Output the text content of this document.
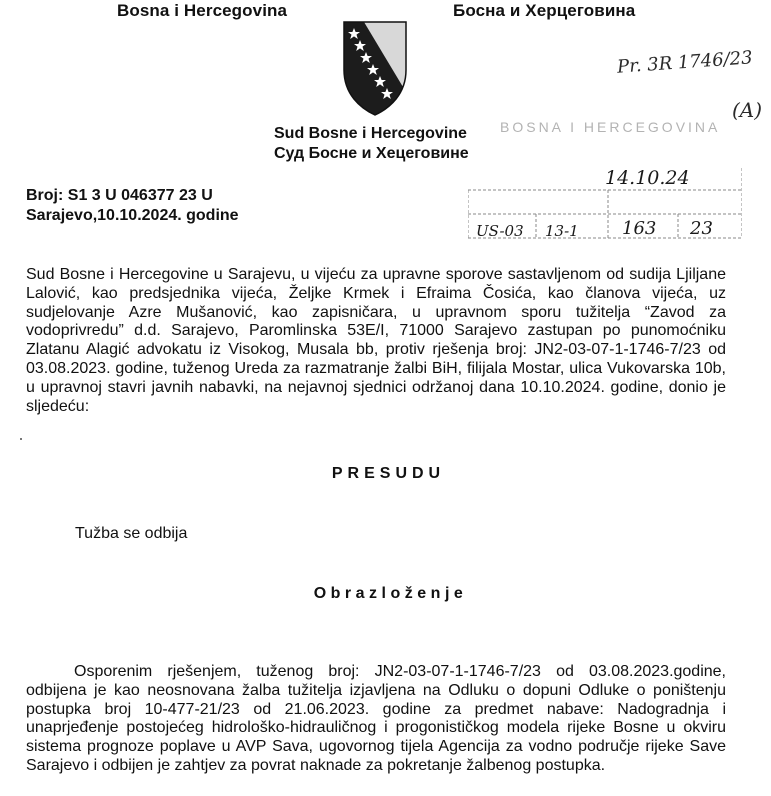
Bosna i Hercegovina	Босна и Херцеговина
Pr. 3R 1746/23
(A)
BOSNA I HERCEGOVINA
Sud Bosne i Hercegovine
Суд Босне и Хецеговине
14.10.24
US-03 13-1 163 23
Broj: S1 3 U 046377 23 U
Sarajevo,10.10.2024. godine
Sud Bosne i Hercegovine u Sarajevu, u vijeću za upravne sporove sastavljenom od sudija Ljiljane Lalović, kao predsjednika vijeća, Željke Krmek i Efraima Čosića, kao članova vijeća, uz sudjelovanje Azre Mušanović, kao zapisničara, u upravnom sporu tužitelja “Zavod za vodoprivredu” d.d. Sarajevo, Paromlinska 53E/I, 71000 Sarajevo zastupan po punomoćniku Zlatanu Alagić advokatu iz Visokog, Musala bb, protiv rješenja broj: JN2-03-07-1-1746-7/23 od 03.08.2023. godine, tuženog Ureda za razmatranje žalbi BiH, filijala Mostar, ulica Vukovarska 10b, u upravnoj stavri javnih nabavki, na nejavnoj sjednici održanoj dana 10.10.2024. godine, donio je sljedeću:
PRESUDU
Tužba se odbija
Obrazloženje
Osporenim rješenjem, tuženog broj: JN2-03-07-1-1746-7/23 od 03.08.2023.godine, odbijena je kao neosnovana žalba tužitelja izjavljena na Odluku o dopuni Odluke o poništenju postupka broj 10-477-21/23 od 21.06.2023. godine za predmet nabave: Nadogradnja i unaprjeđenje postojećeg hidrološko-hidrauličnog i progonističkog modela rijeke Bosne u okviru sistema prognoze poplave u AVP Sava, ugovornog tijela Agencija za vodno područje rijeke Save Sarajevo i odbijen je zahtjev za povrat naknade za pokretanje žalbenog postupka.
